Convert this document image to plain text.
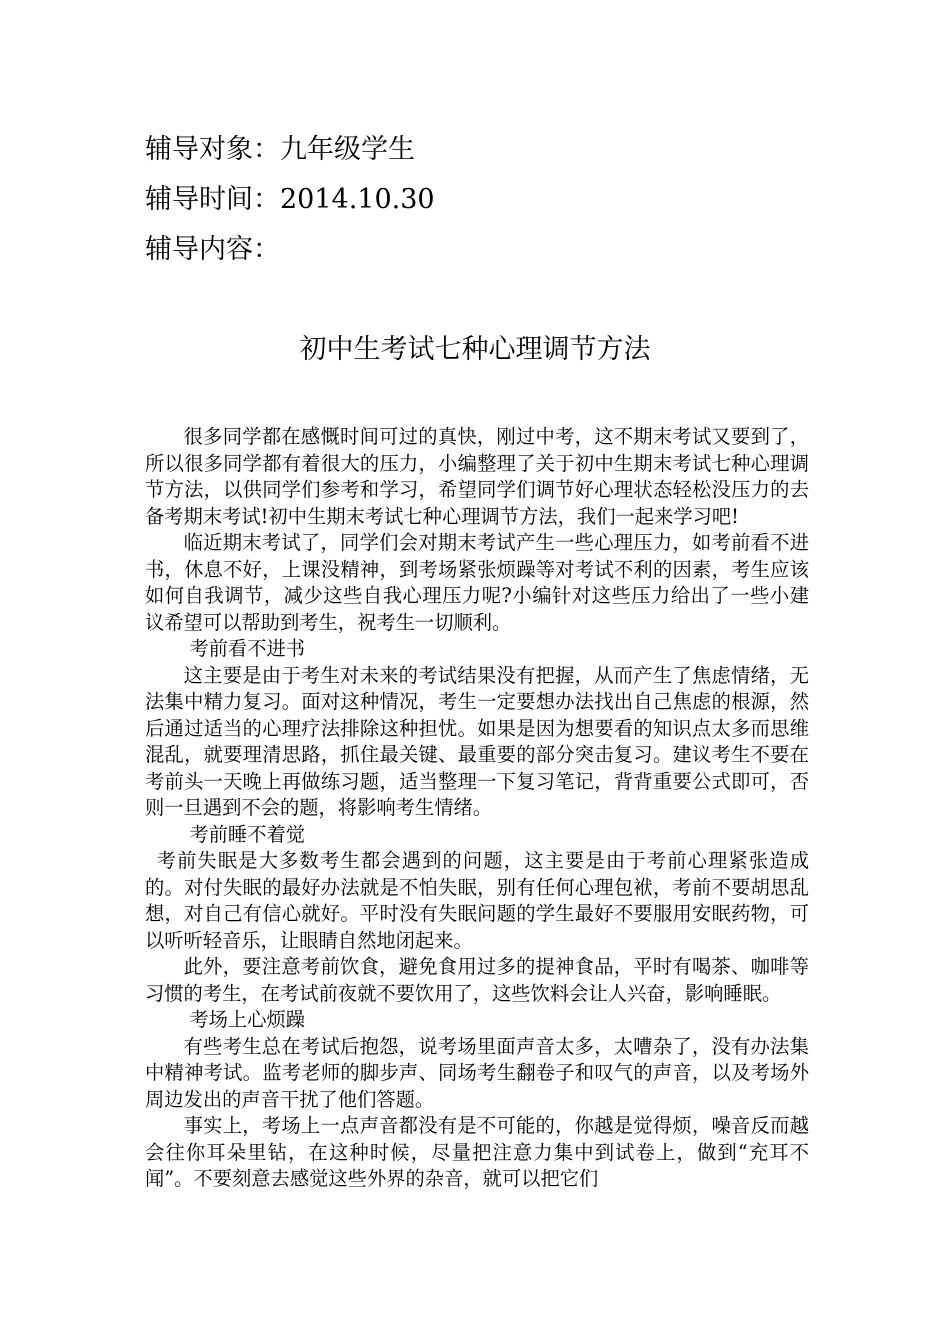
辅导对象：九年级学生
辅导时间：2014.10.30
辅导内容：
初中生考试七种心理调节方法

很多同学都在感慨时间可过的真快，刚过中考，这不期末考试又要到了，所以很多同学都有着很大的压力，小编整理了关于初中生期末考试七种心理调节方法，以供同学们参考和学习，希望同学们调节好心理状态轻松没压力的去备考期末考试!初中生期末考试七种心理调节方法，我们一起来学习吧!

临近期末考试了，同学们会对期末考试产生一些心理压力，如考前看不进书，休息不好，上课没精神，到考场紧张烦躁等对考试不利的因素，考生应该如何自我调节，减少这些自我心理压力呢?小编针对这些压力给出了一些小建议希望可以帮助到考生，祝考生一切顺利。

考前看不进书

这主要是由于考生对未来的考试结果没有把握，从而产生了焦虑情绪，无法集中精力复习。面对这种情况，考生一定要想办法找出自己焦虑的根源，然后通过适当的心理疗法排除这种担忧。如果是因为想要看的知识点太多而思维混乱，就要理清思路，抓住最关键、最重要的部分突击复习。建议考生不要在考前头一天晚上再做练习题，适当整理一下复习笔记，背背重要公式即可，否则一旦遇到不会的题，将影响考生情绪。

考前睡不着觉

考前失眠是大多数考生都会遇到的问题，这主要是由于考前心理紧张造成的。对付失眠的最好办法就是不怕失眠，别有任何心理包袱，考前不要胡思乱想，对自己有信心就好。平时没有失眠问题的学生最好不要服用安眠药物，可以听听轻音乐，让眼睛自然地闭起来。

此外，要注意考前饮食，避免食用过多的提神食品，平时有喝茶、咖啡等习惯的考生，在考试前夜就不要饮用了，这些饮料会让人兴奋，影响睡眠。

考场上心烦躁

有些考生总在考试后抱怨，说考场里面声音太多，太嘈杂了，没有办法集中精神考试。监考老师的脚步声、同场考生翻卷子和叹气的声音，以及考场外周边发出的声音干扰了他们答题。

事实上，考场上一点声音都没有是不可能的，你越是觉得烦，噪音反而越会往你耳朵里钻，在这种时候，尽量把注意力集中到试卷上，做到“充耳不闻”。不要刻意去感觉这些外界的杂音，就可以把它们
